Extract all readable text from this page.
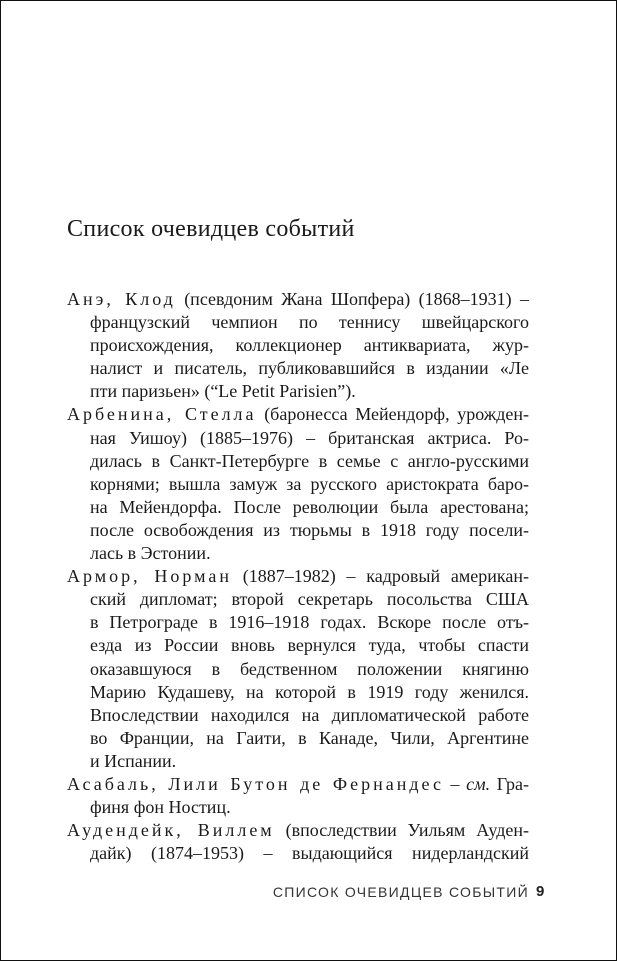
Список очевидцев событий
Анэ, Клод (псевдоним Жана Шопфера) (1868–1931) –
французский чемпион по теннису швейцарского
происхождения, коллекционер антиквариата, жур-
налист и писатель, публиковавшийся в издании «Ле
пти паризьен» (“Le Petit Parisien”).
Арбенина, Стелла (баронесса Мейендорф, урожден-
ная Уишоу) (1885–1976) – британская актриса. Ро-
дилась в Санкт-Петербурге в семье с англо-русскими
корнями; вышла замуж за русского аристократа баро-
на Мейендорфа. После революции была арестована;
после освобождения из тюрьмы в 1918 году посели-
лась в Эстонии.
Армор, Норман (1887–1982) – кадровый американ-
ский дипломат; второй секретарь посольства США
в Петрограде в 1916–1918 годах. Вскоре после отъ-
езда из России вновь вернулся туда, чтобы спасти
оказавшуюся в бедственном положении княгиню
Марию Кудашеву, на которой в 1919 году женился.
Впоследствии находился на дипломатической работе
во Франции, на Гаити, в Канаде, Чили, Аргентине
и Испании.
Асабаль, Лили Бутон де Фернандес – см. Гра-
финя фон Ностиц.
Аудендейк, Виллем (впоследствии Уильям Ауден-
дайк) (1874–1953) – выдающийся нидерландский
СПИСОК ОЧЕВИДЦЕВ СОБЫТИЙ 9
